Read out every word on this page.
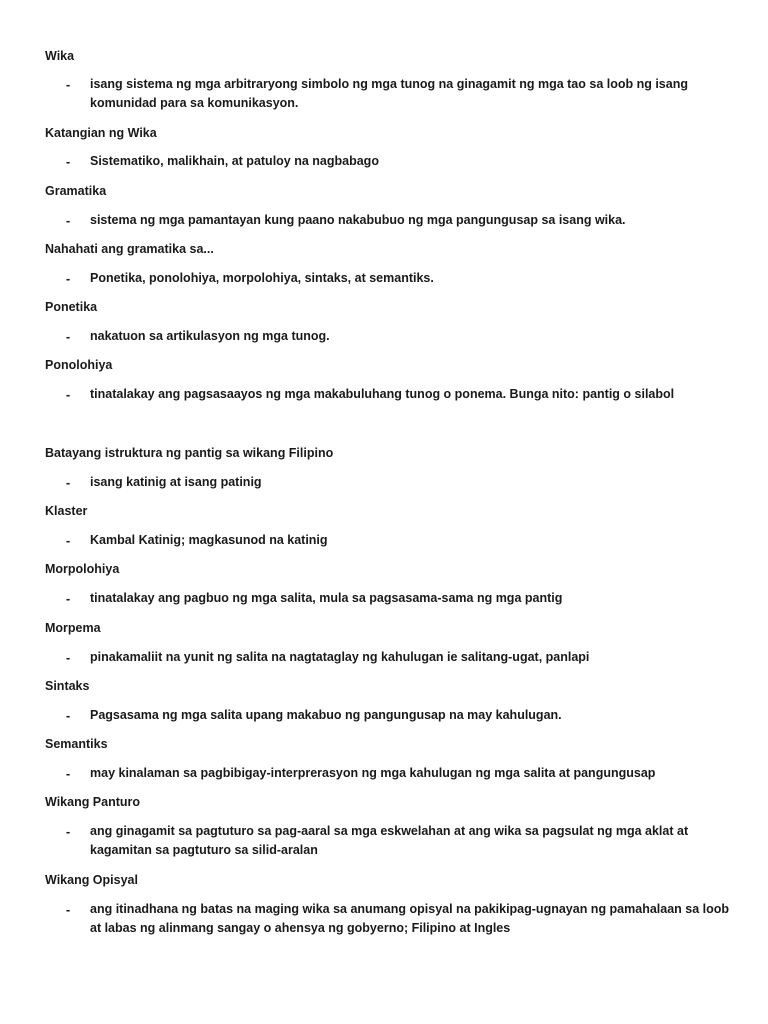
Wika
- isang sistema ng mga arbitraryong simbolo ng mga tunog na ginagamit ng mga tao sa loob ng isang komunidad para sa komunikasyon.
Katangian ng Wika
- Sistematiko, malikhain, at patuloy na nagbabago
Gramatika
- sistema ng mga pamantayan kung paano nakabubuo ng mga pangungusap sa isang wika.
Nahahati ang gramatika sa...
- Ponetika, ponolohiya, morpolohiya, sintaks, at semantiks.
Ponetika
- nakatuon sa artikulasyon ng mga tunog.
Ponolohiya
- tinatalakay ang pagsasaayos ng mga makabuluhang tunog o ponema. Bunga nito: pantig o silabol
Batayang istruktura ng pantig sa wikang Filipino
- isang katinig at isang patinig
Klaster
- Kambal Katinig; magkasunod na katinig
Morpolohiya
- tinatalakay ang pagbuo ng mga salita, mula sa pagsasama-sama ng mga pantig
Morpema
- pinakamaliit na yunit ng salita na nagtataglay ng kahulugan ie salitang-ugat, panlapi
Sintaks
- Pagsasama ng mga salita upang makabuo ng pangungusap na may kahulugan.
Semantiks
- may kinalaman sa pagbibigay-interprerasyon ng mga kahulugan ng mga salita at pangungusap
Wikang Panturo
- ang ginagamit sa pagtuturo sa pag-aaral sa mga eskwelahan at ang wika sa pagsulat ng mga aklat at kagamitan sa pagtuturo sa silid-aralan
Wikang Opisyal
- ang itinadhana ng batas na maging wika sa anumang opisyal na pakikipag-ugnayan ng pamahalaan sa loob at labas ng alinmang sangay o ahensya ng gobyerno; Filipino at Ingles
